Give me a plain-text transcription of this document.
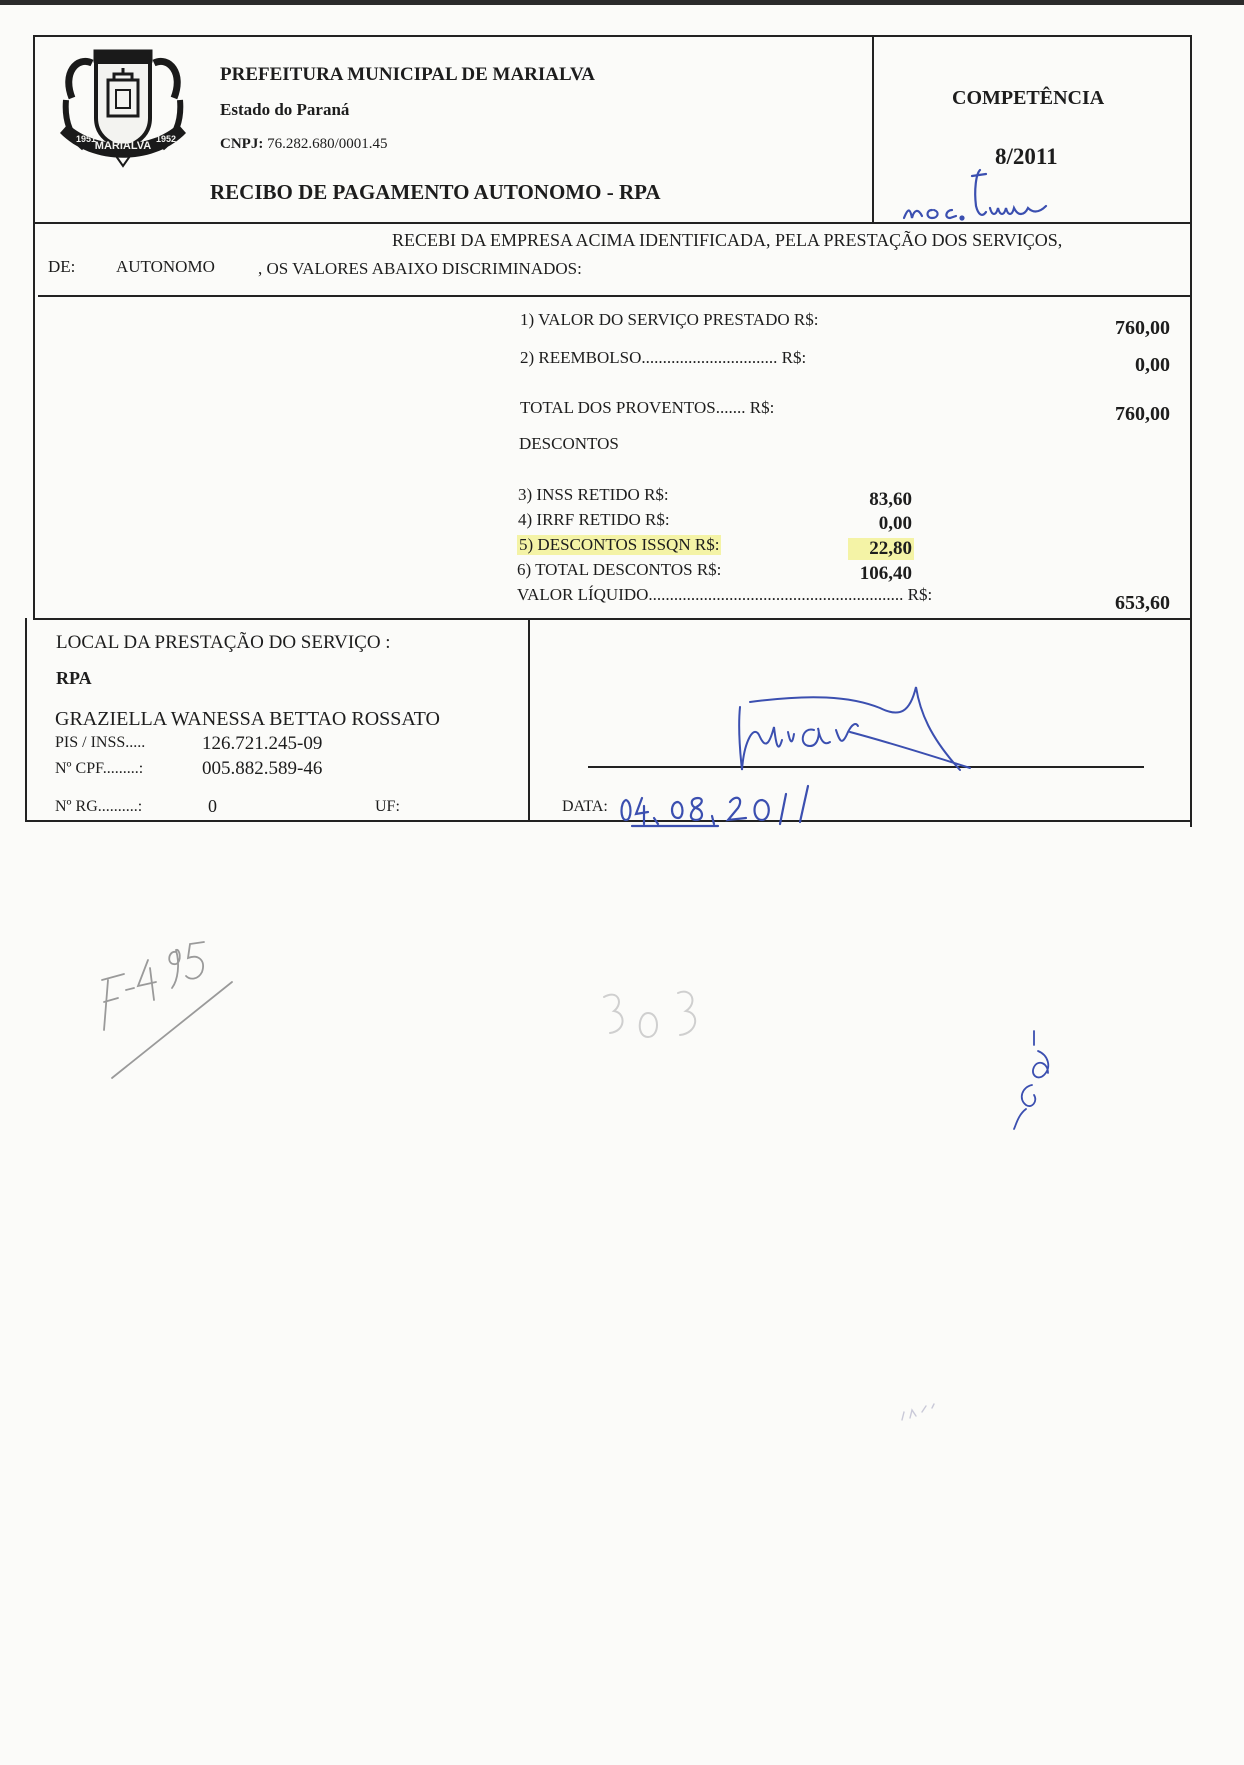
MARIALVA
1951	1952
PREFEITURA MUNICIPAL DE MARIALVA
Estado do Paraná
CNPJ: 76.282.680/0001.45
RECIBO DE PAGAMENTO AUTONOMO - RPA
COMPETÊNCIA
8/2011
rec. Inu
RECEBI DA EMPRESA ACIMA IDENTIFICADA, PELA PRESTAÇÃO DOS SERVIÇOS,
DE: AUTONOMO	, OS VALORES ABAIXO DISCRIMINADOS:
1) VALOR DO SERVIÇO PRESTADO R$:	760,00
2) REEMBOLSO................................ R$:	0,00
TOTAL DOS PROVENTOS....... R$:	760,00
DESCONTOS
3) INSS RETIDO R$:	83,60
4) IRRF RETIDO R$:	0,00
5) DESCONTOS ISSQN R$:	22,80
6) TOTAL DESCONTOS R$:	106,40
VALOR LÍQUIDO............................................................ R$:	653,60
LOCAL DA PRESTAÇÃO DO SERVIÇO :
RPA
GRAZIELLA WANESSA BETTAO ROSSATO
PIS / INSS.....	126.721.245-09
Nº CPF.........:	005.882.589-46
Nº RG..........:	0	UF:
Mari
DATA:
04/08/2011
F-495
303
1
